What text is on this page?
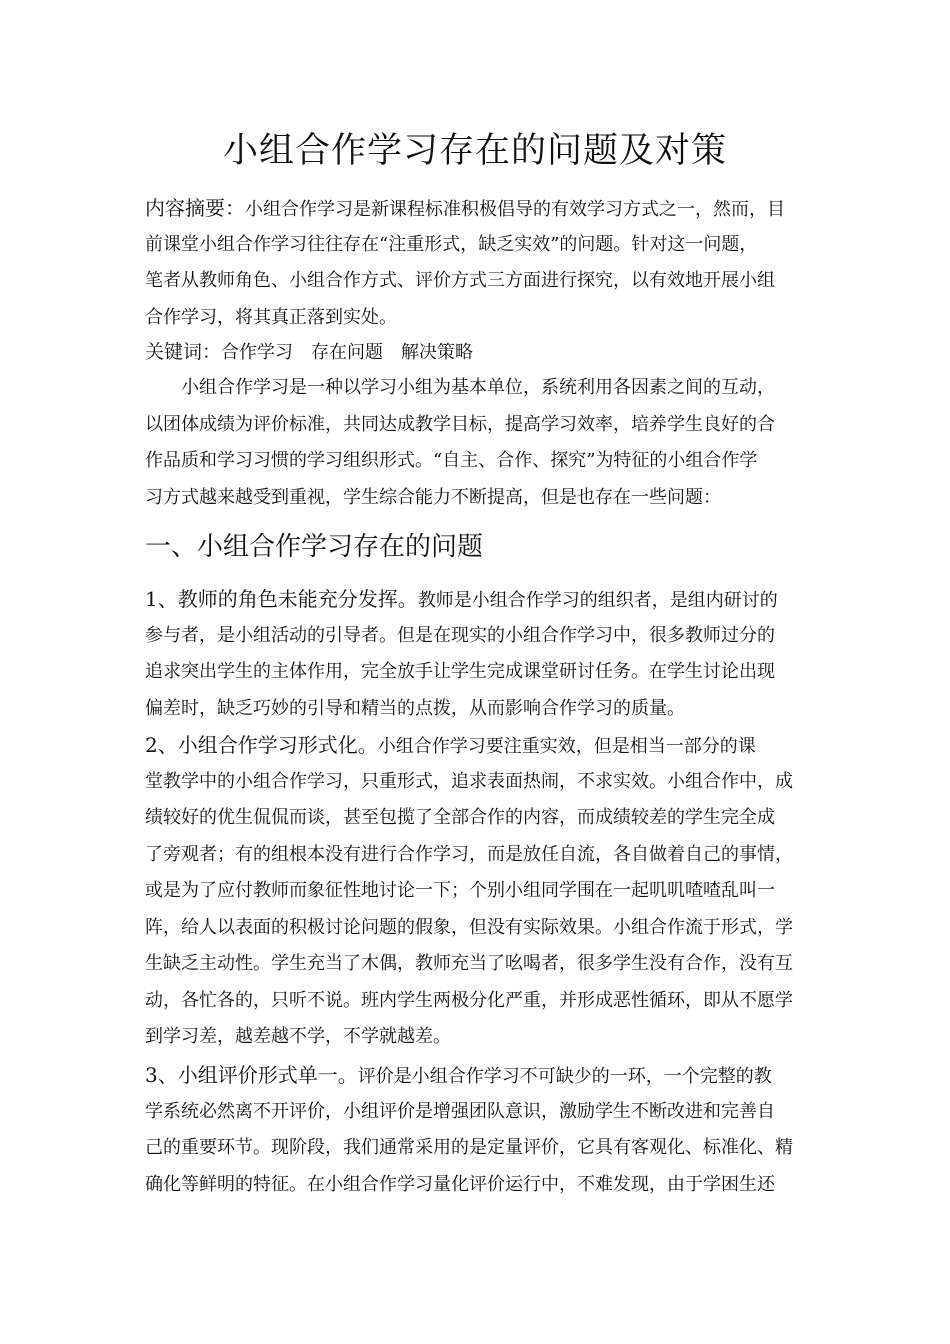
小组合作学习存在的问题及对策
内容摘要：小组合作学习是新课程标准积极倡导的有效学习方式之一，然而，目
前课堂小组合作学习往往存在“注重形式，缺乏实效”的问题。针对这一问题，
笔者从教师角色、小组合作方式、评价方式三方面进行探究，以有效地开展小组
合作学习，将其真正落到实处。
关键词：合作学习 存在问题 解决策略
　　小组合作学习是一种以学习小组为基本单位，系统利用各因素之间的互动，
以团体成绩为评价标准，共同达成教学目标，提高学习效率，培养学生良好的合
作品质和学习习惯的学习组织形式。“自主、合作、探究”为特征的小组合作学
习方式越来越受到重视，学生综合能力不断提高，但是也存在一些问题：
一、小组合作学习存在的问题
1、教师的角色未能充分发挥。教师是小组合作学习的组织者，是组内研讨的
参与者，是小组活动的引导者。但是在现实的小组合作学习中，很多教师过分的
追求突出学生的主体作用，完全放手让学生完成课堂研讨任务。在学生讨论出现
偏差时，缺乏巧妙的引导和精当的点拨，从而影响合作学习的质量。
2、小组合作学习形式化。小组合作学习要注重实效，但是相当一部分的课
堂教学中的小组合作学习，只重形式，追求表面热闹，不求实效。小组合作中，成
绩较好的优生侃侃而谈，甚至包揽了全部合作的内容，而成绩较差的学生完全成
了旁观者；有的组根本没有进行合作学习，而是放任自流，各自做着自己的事情，
或是为了应付教师而象征性地讨论一下；个别小组同学围在一起叽叽喳喳乱叫一
阵，给人以表面的积极讨论问题的假象，但没有实际效果。小组合作流于形式，学
生缺乏主动性。学生充当了木偶，教师充当了吆喝者，很多学生没有合作，没有互
动，各忙各的，只听不说。班内学生两极分化严重，并形成恶性循环，即从不愿学
到学习差，越差越不学，不学就越差。
3、小组评价形式单一。评价是小组合作学习不可缺少的一环，一个完整的教
学系统必然离不开评价，小组评价是增强团队意识，激励学生不断改进和完善自
己的重要环节。现阶段，我们通常采用的是定量评价，它具有客观化、标准化、精
确化等鲜明的特征。在小组合作学习量化评价运行中，不难发现，由于学困生还
